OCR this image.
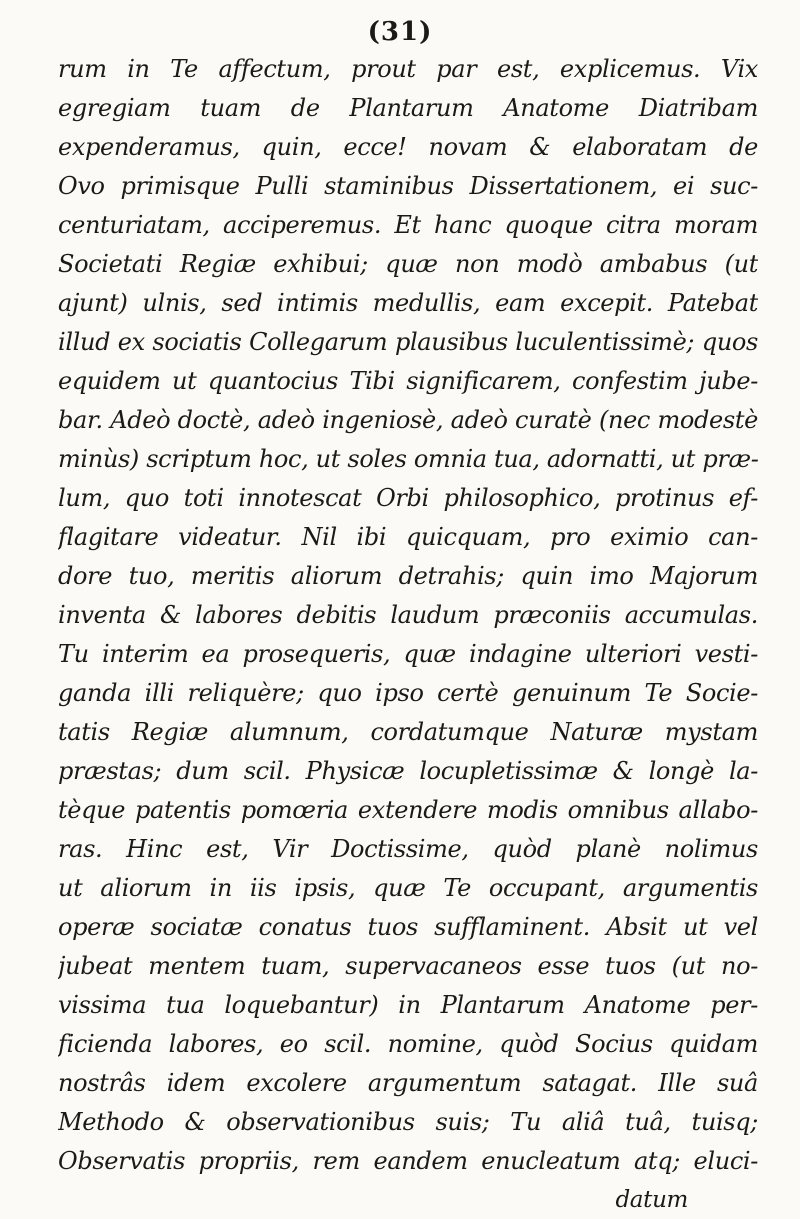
(31)
rum in Te affectum, prout par est, explicemus. Vix
egregiam tuam de Plantarum Anatome Diatribam
expenderamus, quin, ecce! novam & elaboratam de
Ovo primisque Pulli staminibus Dissertationem, ei suc-
centuriatam, acciperemus. Et hanc quoque citra moram
Societati Regiæ exhibui; quæ non modò ambabus (ut
ajunt) ulnis, sed intimis medullis, eam excepit. Patebat
illud ex sociatis Collegarum plausibus luculentissimè; quos
equidem ut quantocius Tibi significarem, confestim jube-
bar. Adeò doctè, adeò ingeniosè, adeò curatè (nec modestè
minùs) scriptum hoc, ut soles omnia tua, adornatti, ut præ-
lum, quo toti innotescat Orbi philosophico, protinus ef-
flagitare videatur. Nil ibi quicquam, pro eximio can-
dore tuo, meritis aliorum detrahis; quin imo Majorum
inventa & labores debitis laudum præconiis accumulas.
Tu interim ea prosequeris, quæ indagine ulteriori vesti-
ganda illi reliquère; quo ipso certè genuinum Te Socie-
tatis Regiæ alumnum, cordatumque Naturæ mystam
præstas; dum scil. Physicæ locupletissimæ & longè la-
tèque patentis pomœria extendere modis omnibus allabo-
ras. Hinc est, Vir Doctissime, quòd planè nolimus
ut aliorum in iis ipsis, quæ Te occupant, argumentis
operæ sociatæ conatus tuos sufflaminent. Absit ut vel
jubeat mentem tuam, supervacaneos esse tuos (ut no-
vissima tua loquebantur) in Plantarum Anatome per-
ficienda labores, eo scil. nomine, quòd Socius quidam
nostrâs idem excolere argumentum satagat. Ille suâ
Methodo & observationibus suis; Tu aliâ tuâ, tuisq;
Observatis propriis, rem eandem enucleatum atq; eluci-
datum
